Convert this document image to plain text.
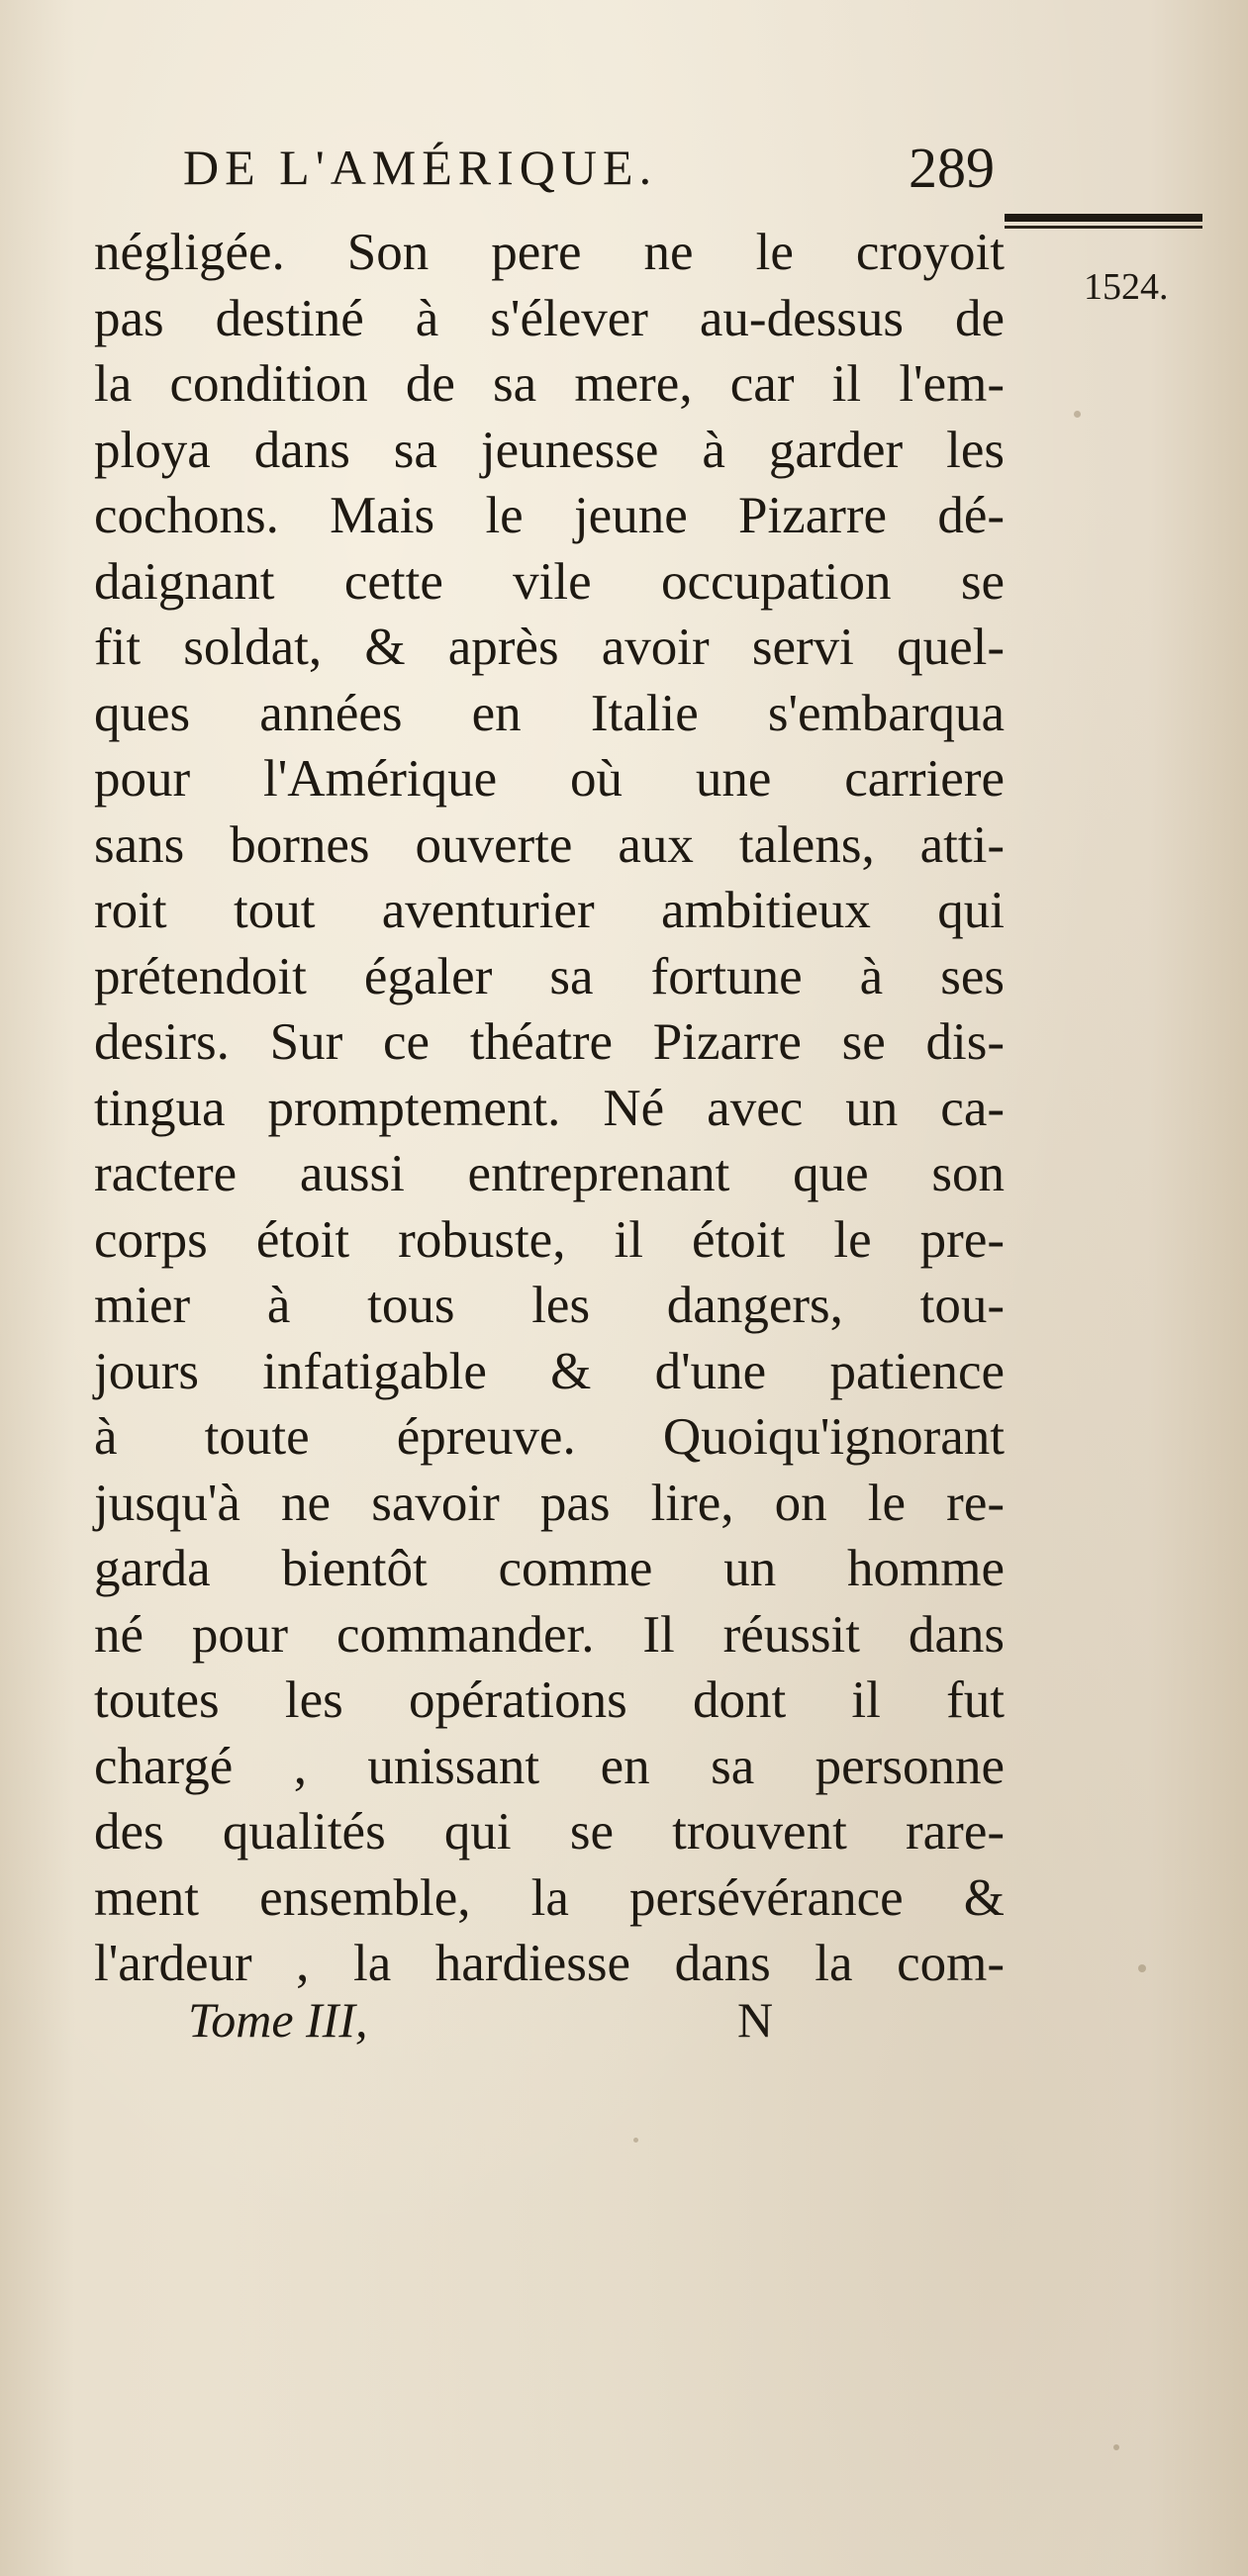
DE L'AMÉRIQUE.	289
1524.
négligée. Son pere ne le croyoit
pas destiné à s'élever au-dessus de
la condition de sa mere, car il l'em-
ploya dans sa jeunesse à garder les
cochons. Mais le jeune Pizarre dé-
daignant cette vile occupation se
fit soldat, & après avoir servi quel-
ques années en Italie s'embarqua
pour l'Amérique où une carriere
sans bornes ouverte aux talens, atti-
roit tout aventurier ambitieux qui
prétendoit égaler sa fortune à ses
desirs. Sur ce théatre Pizarre se dis-
tingua promptement. Né avec un ca-
ractere aussi entreprenant que son
corps étoit robuste, il étoit le pre-
mier à tous les dangers, tou-
jours infatigable & d'une patience
à toute épreuve. Quoiqu'ignorant
jusqu'à ne savoir pas lire, on le re-
garda bientôt comme un homme
né pour commander. Il réussit dans
toutes les opérations dont il fut
chargé , unissant en sa personne
des qualités qui se trouvent rare-
ment ensemble, la persévérance &
l'ardeur , la hardiesse dans la com-
Tome III,	N
